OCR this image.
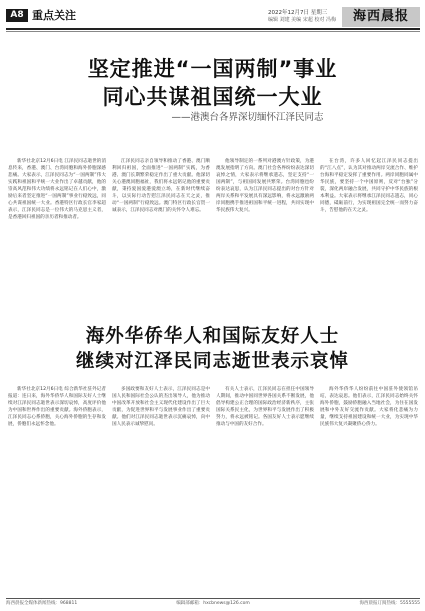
A8 重点关注	2022年12月7日 星期三
编辑 刘建 美编 宋超 校对 冯梅	海西晨报
坚定推进“一国两制”事业
同心共谋祖国统一大业
——港澳台各界深切缅怀江泽民同志

新华社北京12月6日电 江泽民同志逝世的消息传来，香港、澳门、台湾同胞和海外侨胞深感悲痛。大家表示，江泽民同志为“一国两制”伟大实践和祖国和平统一大业作出了卓越贡献，他的崇高风范和伟大功绩将永远铭记在人们心中，激励后来者坚定推进“一国两制”事业行稳致远，同心共谋祖国统一大业。香港特区行政长官李家超表示，江泽民同志是一位伟大的马克思主义者，是香港回归祖国的亲历者和推动者。

江泽民同志亲自领导和推动了香港、澳门顺利回归祖国，全面推进“一国两制”实践，为香港、澳门长期繁荣稳定作出了重大贡献。他深切关心港澳同胞福祉，我们将永远铭记他的重要贡献，秉持爱国爱港爱澳立场，在新时代继续奋斗，以实际行动告慰江泽民同志在天之灵，推动“一国两制”行稳致远。澳门特区行政长官贺一诚表示，江泽民同志对澳门的关怀令人难忘。

他领导制定的一系列对港澳方针政策，为港澳发展指明了方向。澳门社会各界纷纷表达深切哀悼之情，大家表示将继承遗志，坚定支持“一国两制”，与祖国同发展共繁荣。台湾同胞也纷纷表达哀思，认为江泽民同志提出的对台方针对两岸关系和平发展具有深远影响，将永远激励两岸同胞携手推进祖国和平统一进程，共同实现中华民族伟大复兴。

在台湾，许多人回忆起江泽民同志提出的“江八点”，认为其对推动两岸交流合作、维护台海和平稳定发挥了重要作用。两岸同胞同属中华民族，要坚持一个中国原则，反对“台独”分裂，深化两岸融合发展，共同守护中华民族的根本利益。大家表示将继承江泽民同志遗志，同心同德，砥砺前行，为实现祖国完全统一而努力奋斗，告慰他的在天之灵。

海外华侨华人和国际友好人士
继续对江泽民同志逝世表示哀悼

新华社北京12月6日电 综合新华社驻外记者报道：连日来，海外华侨华人和国际友好人士继续对江泽民同志逝世表示深切哀悼，高度评价他为中国和世界作出的重要贡献。海外侨胞表示，江泽民同志心系侨胞，关心海外侨胞的生存和发展，侨胞们永远怀念他。

多国政要和友好人士表示，江泽民同志是中国人民和国际社会公认的杰出领导人，他为推动中国改革开放和社会主义现代化建设作出了巨大贡献，为促进世界和平与发展事业作出了重要贡献。他们对江泽民同志逝世表示沉痛哀悼，向中国人民表示诚挚慰问。

有关人士表示，江泽民同志在担任中国领导人期间，推动中国同世界各国关系不断发展，他倡导构建公正合理的国际政治经济新秩序，主张国际关系民主化，为世界和平与发展作出了积极努力，将永远被铭记。各国友好人士表示愿继续推动与中国的友好合作。

海外华侨华人纷纷前往中国驻外使领馆吊唁，表达哀思。他们表示，江泽民同志始终关怀海外侨胞，鼓励侨胞融入当地社会，为住在国发展和中外友好交流作贡献。大家将化悲痛为力量，继续支持祖国建设和统一大业，为实现中华民族伟大复兴凝聚侨心侨力。

海西晨报全媒体新闻热线：968811	编辑部邮箱：hxcbnews@126.com	海西晨报订阅热线：5555555
